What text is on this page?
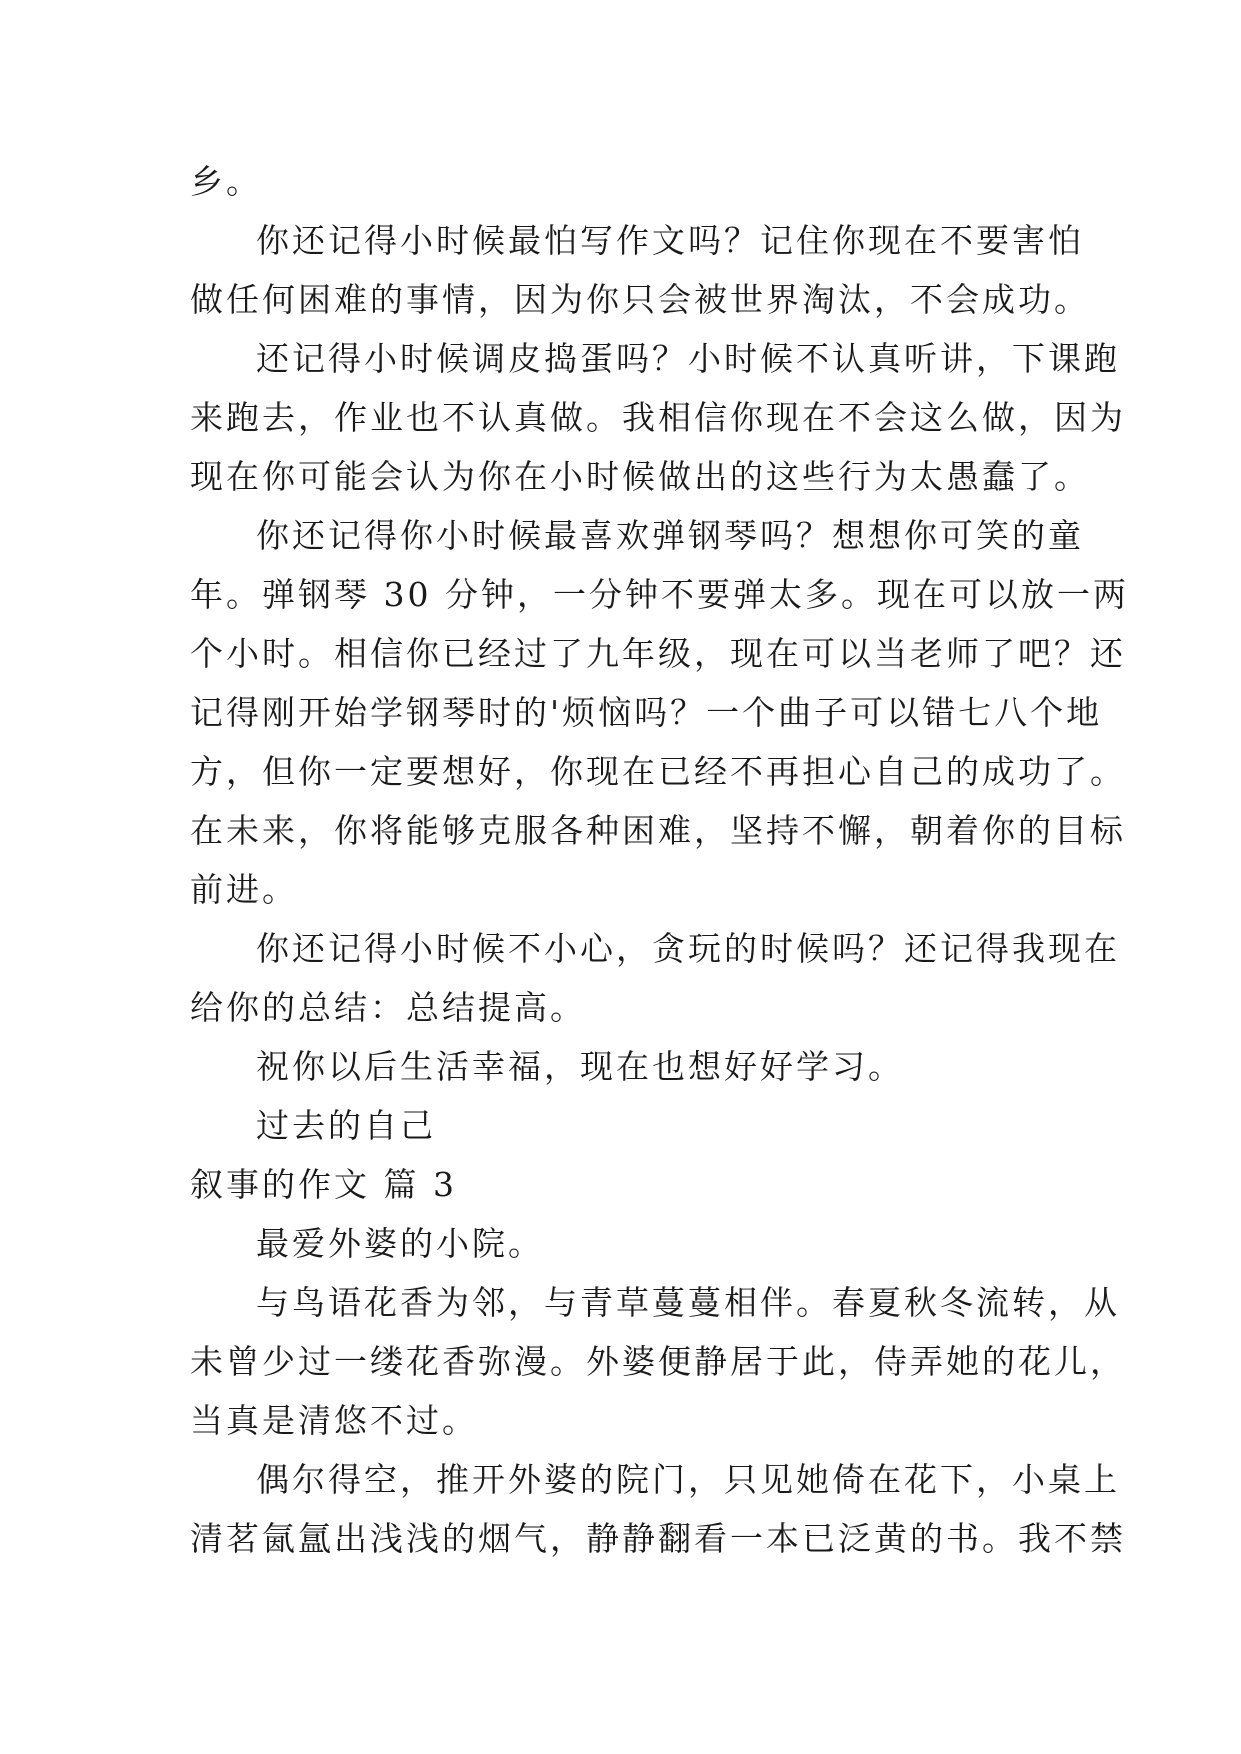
乡。
你还记得小时候最怕写作文吗？记住你现在不要害怕
做任何困难的事情，因为你只会被世界淘汰，不会成功。
还记得小时候调皮捣蛋吗？小时候不认真听讲，下课跑
来跑去，作业也不认真做。我相信你现在不会这么做，因为
现在你可能会认为你在小时候做出的这些行为太愚蠢了。
你还记得你小时候最喜欢弹钢琴吗？想想你可笑的童
年。弹钢琴 30 分钟，一分钟不要弹太多。现在可以放一两
个小时。相信你已经过了九年级，现在可以当老师了吧？还
记得刚开始学钢琴时的'烦恼吗？一个曲子可以错七八个地
方，但你一定要想好，你现在已经不再担心自己的成功了。
在未来，你将能够克服各种困难，坚持不懈，朝着你的目标
前进。
你还记得小时候不小心，贪玩的时候吗？还记得我现在
给你的总结：总结提高。
祝你以后生活幸福，现在也想好好学习。
过去的自己
叙事的作文 篇 3
最爱外婆的小院。
与鸟语花香为邻，与青草蔓蔓相伴。春夏秋冬流转，从
未曾少过一缕花香弥漫。外婆便静居于此，侍弄她的花儿，
当真是清悠不过。
偶尔得空，推开外婆的院门，只见她倚在花下，小桌上
清茗氤氲出浅浅的烟气，静静翻看一本已泛黄的书。我不禁
